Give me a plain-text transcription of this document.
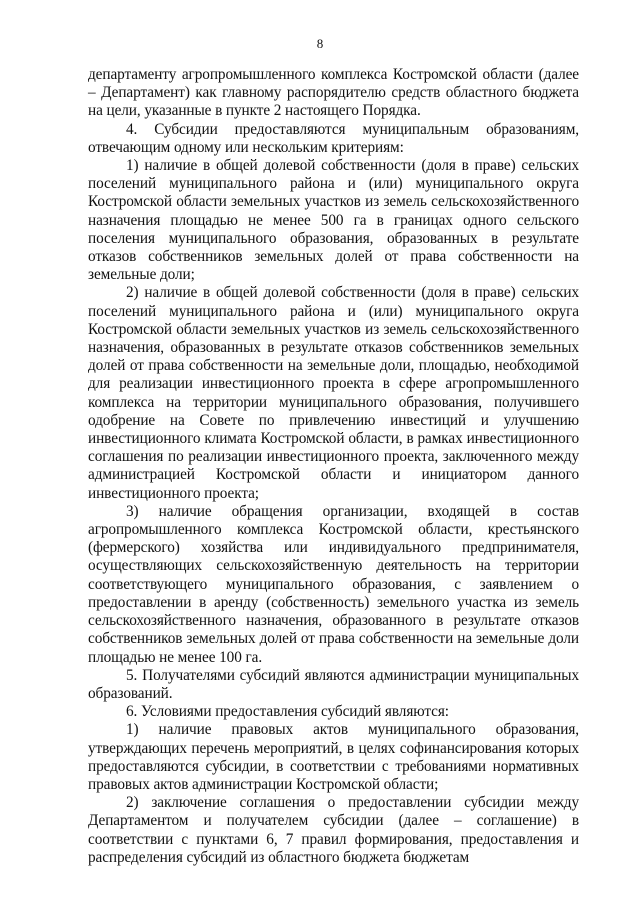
8

департаменту агропромышленного комплекса Костромской области (далее – Департамент) как главному распорядителю средств областного бюджета на цели, указанные в пункте 2 настоящего Порядка.

4. Субсидии предоставляются муниципальным образованиям, отвечающим одному или нескольким критериям:

1) наличие в общей долевой собственности (доля в праве) сельских поселений муниципального района и (или) муниципального округа Костромской области земельных участков из земель сельскохозяйственного назначения площадью не менее 500 га в границах одного сельского поселения муниципального образования, образованных в результате отказов собственников земельных долей от права собственности на земельные доли;

2) наличие в общей долевой собственности (доля в праве) сельских поселений муниципального района и (или) муниципального округа Костромской области земельных участков из земель сельскохозяйственного назначения, образованных в результате отказов собственников земельных долей от права собственности на земельные доли, площадью, необходимой для реализации инвестиционного проекта в сфере агропромышленного комплекса на территории муниципального образования, получившего одобрение на Совете по привлечению инвестиций и улучшению инвестиционного климата Костромской области, в рамках инвестиционного соглашения по реализации инвестиционного проекта, заключенного между администрацией Костромской области и инициатором данного инвестиционного проекта;

3) наличие обращения организации, входящей в состав агропромышленного комплекса Костромской области, крестьянского (фермерского) хозяйства или индивидуального предпринимателя, осуществляющих сельскохозяйственную деятельность на территории соответствующего муниципального образования, с заявлением о предоставлении в аренду (собственность) земельного участка из земель сельскохозяйственного назначения, образованного в результате отказов собственников земельных долей от права собственности на земельные доли площадью не менее 100 га.

5. Получателями субсидий являются администрации муниципальных образований.

6. Условиями предоставления субсидий являются:

1) наличие правовых актов муниципального образования, утверждающих перечень мероприятий, в целях софинансирования которых предоставляются субсидии, в соответствии с требованиями нормативных правовых актов администрации Костромской области;

2) заключение соглашения о предоставлении субсидии между Департаментом и получателем субсидии (далее – соглашение) в соответствии с пунктами 6, 7 правил формирования, предоставления и распределения субсидий из областного бюджета бюджетам
